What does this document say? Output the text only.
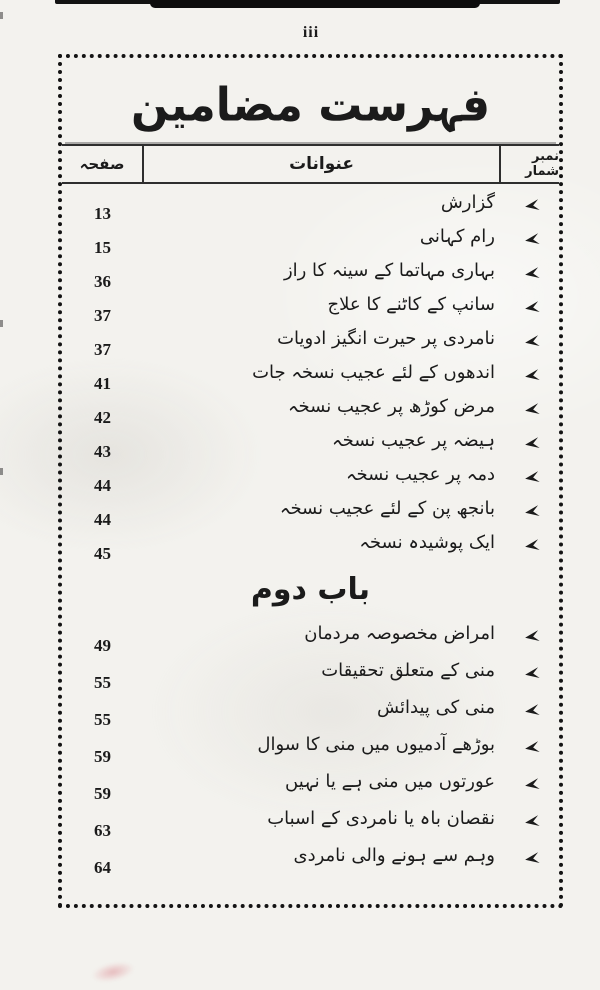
iii
فہرست مضامین
صفحہ	عنوانات	نمبر شمار
13
گزارش
15
رام کہانی
36
بہاری مہاتما کے سینہ کا راز
37
سانپ کے کاٹنے کا علاج
37
نامردی پر حیرت انگیز ادویات
41
اندھوں کے لئے عجیب نسخہ جات
42
مرض کوڑھ پر عجیب نسخہ
43
ہیضہ پر عجیب نسخہ
44
دمہ پر عجیب نسخہ
44
بانجھ پن کے لئے عجیب نسخہ
45
ایک پوشیدہ نسخہ
باب دوم
49
امراض مخصوصہ مردمان
55
منی کے متعلق تحقیقات
55
منی کی پیدائش
59
بوڑھے آدمیوں میں منی کا سوال
59
عورتوں میں منی ہے یا نہیں
63
نقصان باہ یا نامردی کے اسباب
64
وہم سے ہونے والی نامردی
